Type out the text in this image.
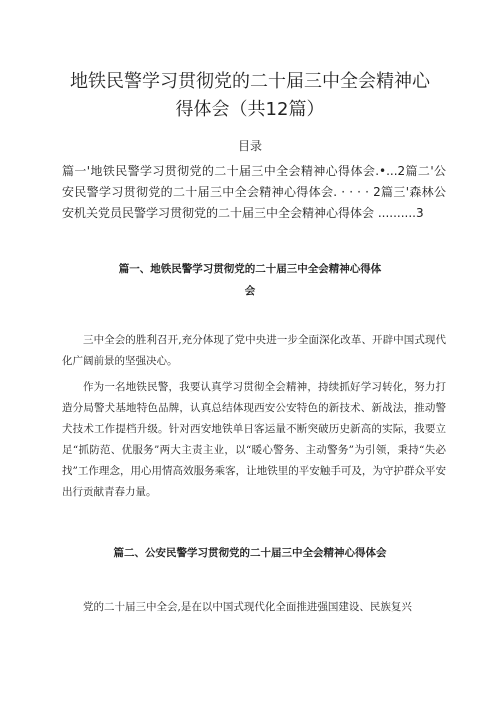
地铁民警学习贯彻党的二十届三中全会精神心
得体会（共12篇）
目录
篇一'地铁民警学习贯彻党的二十届三中全会精神心得体会.•...2篇二'公安民警学习贯彻党的二十届三中全会精神心得体会. · · · · 2篇三'森林公安机关党员民警学习贯彻党的二十届三中全会精神心得体会 ..........3
篇一、地铁民警学习贯彻党的二十届三中全会精神心得体
会

三中全会的胜利召开,充分体现了党中央进一步全面深化改革、开辟中国式现代化广阔前景的坚强决心。

作为一名地铁民警，我要认真学习贯彻全会精神，持续抓好学习转化，努力打造分局警犬基地特色品牌，认真总结体现西安公安特色的新技术、新战法，推动警犬技术工作提档升级。针对西安地铁单日客运量不断突破历史新高的实际，我要立足“抓防范、优服务”两大主责主业，以“暖心警务、主动警务”为引领，秉持“失必找”工作理念，用心用情高效服务乘客，让地铁里的平安触手可及，为守护群众平安出行贡献青春力量。

篇二、公安民警学习贯彻党的二十届三中全会精神心得体会

党的二十届三中全会,是在以中国式现代化全面推进强国建设、民族复兴
